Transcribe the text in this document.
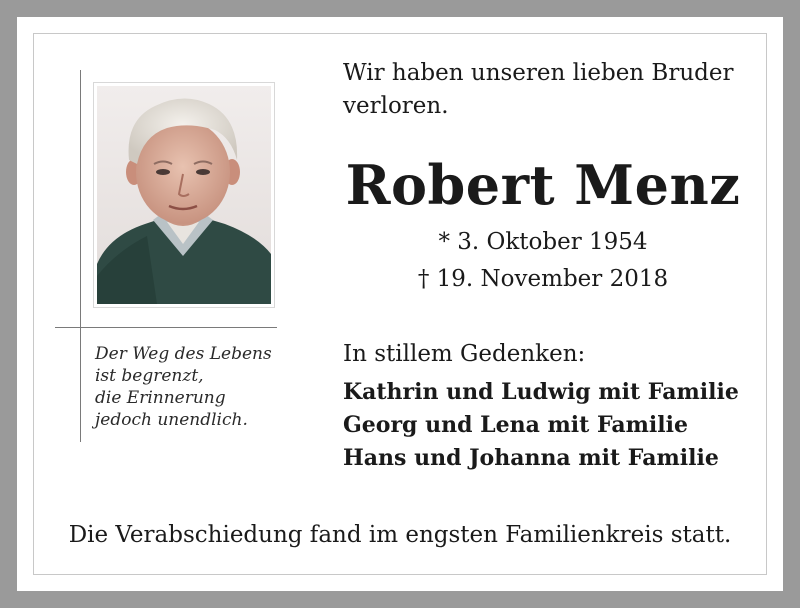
Der Weg des Lebens
ist begrenzt,
die Erinnerung
jedoch unendlich.
Wir haben unseren lieben Bruder
verloren.
Robert Menz
* 3. Oktober 1954
† 19. November 2018
In stillem Gedenken:
Kathrin und Ludwig mit Familie
Georg und Lena mit Familie
Hans und Johanna mit Familie
Die Verabschiedung fand im engsten Familienkreis statt.
